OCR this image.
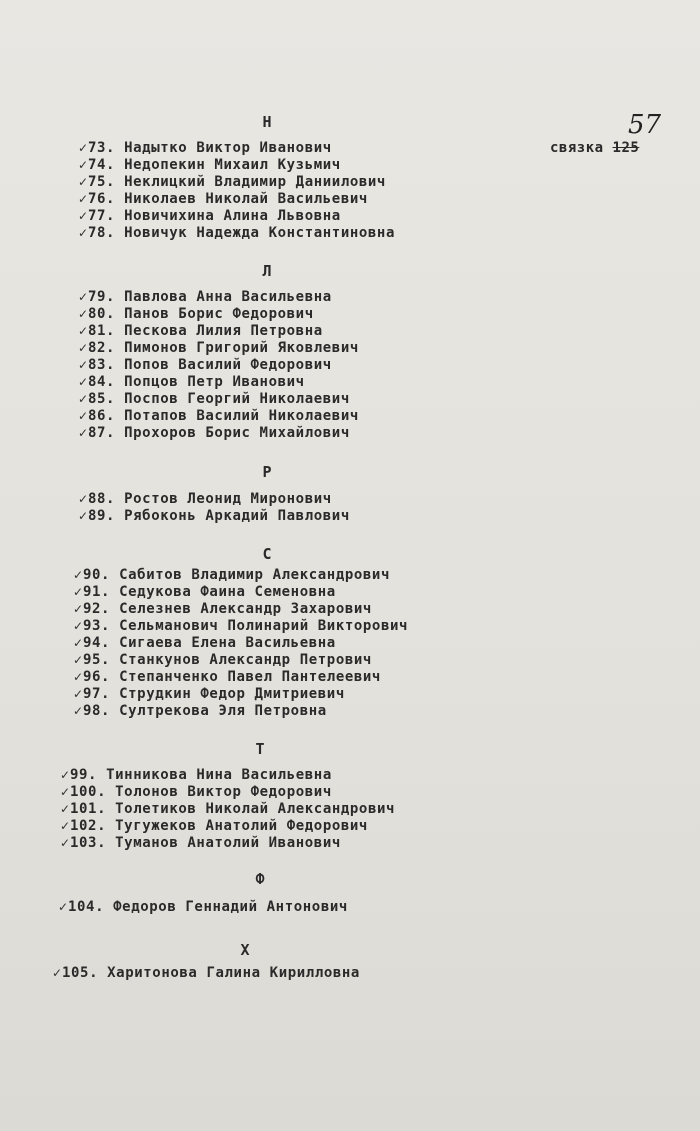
57
связка 125
Н
✓73. Надытко Виктор Иванович
✓74. Недопекин Михаил Кузьмич
✓75. Неклицкий Владимир Даниилович
✓76. Николаев Николай Васильевич
✓77. Новичихина Алина Львовна
✓78. Новичук Надежда Константиновна
Л
✓79. Павлова Анна Васильевна
✓80. Панов Борис Федорович
✓81. Пескова Лилия Петровна
✓82. Пимонов Григорий Яковлевич
✓83. Попов Василий Федорович
✓84. Попцов Петр Иванович
✓85. Поспов Георгий Николаевич
✓86. Потапов Василий Николаевич
✓87. Прохоров Борис Михайлович
Р
✓88. Ростов Леонид Миронович
✓89. Рябоконь Аркадий Павлович
С
✓90. Сабитов Владимир Александрович
✓91. Седукова Фаина Семеновна
✓92. Селезнев Александр Захарович
✓93. Сельманович Полинарий Викторович
✓94. Сигаева Елена Васильевна
✓95. Станкунов Александр Петрович
✓96. Степанченко Павел Пантелеевич
✓97. Струдкин Федор Дмитриевич
✓98. Султрекова Эля Петровна
Т
✓99. Тинникова Нина Васильевна
✓100. Толонов Виктор Федорович
✓101. Толетиков Николай Александрович
✓102. Тугужеков Анатолий Федорович
✓103. Туманов Анатолий Иванович
Ф
✓104. Федоров Геннадий Антонович
Х
✓105. Харитонова Галина Кирилловна
